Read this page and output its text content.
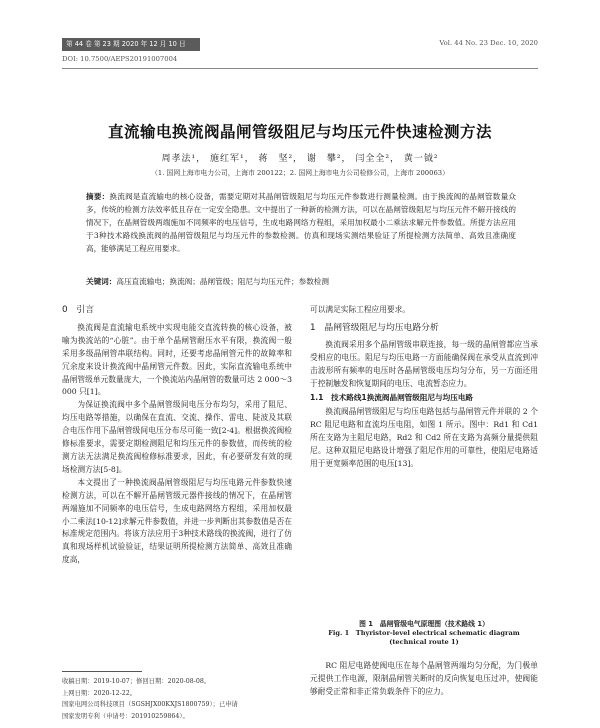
第 44 卷 第 23 期 2020 年 12 月 10 日	Vol. 44 No. 23 Dec. 10, 2020
DOI: 10.7500/AEPS20191007004
直流输电换流阀晶闸管级阻尼与均压元件快速检测方法
周孝法¹， 施红军¹， 蒋　坚²， 谢　攀²， 闫全全²， 黄一钺²
（1. 国网上海市电力公司，上海市 200122；2. 国网上海市电力公司检修公司，上海市 200063）
摘要：换流阀是直流输电的核心设备，需要定期对其晶闸管级阻尼与均压元件参数进行测量检测。由于换流阀的晶闸管数量众多，传统的检测方法效率低且存在一定安全隐患。文中提出了一种新的检测方法，可以在晶闸管级阻尼与均压元件不解开接线的情况下，在晶闸管级两端施加不同频率的电压信号，生成电路网络方程组，采用加权最小二乘法求解元件参数值。所提方法应用于3种技术路线换流阀的晶闸管级阻尼与均压元件的参数检测。仿真和现场实测结果验证了所提检测方法简单、高效且准确度高，能够满足工程应用要求。
关键词：高压直流输电；换流阀；晶闸管级；阻尼与均压元件；参数检测
0　引言
换流阀是直流输电系统中实现电能交直流转换的核心设备，被喻为换流站的“心脏”。由于单个晶闸管耐压水平有限，换流阀一般采用多级晶闸管串联结构。同时，还要考虑晶闸管元件的故障率和冗余度来设计换流阀中晶闸管元件数。因此，实际直流输电系统中晶闸管级单元数量庞大，一个换流站内晶闸管的数量可达 2 000～3 000 只[1]。
为保证换流阀中多个晶闸管级间电压分布均匀，采用了阻尼、均压电路等措施，以确保在直流、交流、操作、雷电、陡波及其联合电压作用下晶闸管级间电压分布尽可能一致[2-4]。根据换流阀检修标准要求，需要定期检测阻尼和均压元件的参数值，而传统的检测方法无法满足换流阀检修标准要求，因此，有必要研发有效的现场检测方法[5-8]。
本文提出了一种换流阀晶闸管级阻尼与均压电路元件参数快速检测方法，可以在不解开晶闸管级元器件接线的情况下，在晶闸管两端施加不同频率的电压信号，生成电路网络方程组，采用加权最小二乘法[10-12]求解元件参数值，并进一步判断出其参数值是否在标准规定范围内。将该方法应用于3种技术路线的换流阀，进行了仿真和现场样机试验验证，结果证明所提检测方法简单、高效且准确度高，
可以满足实际工程应用要求。
1　晶闸管级阻尼与均压电路分析
换流阀采用多个晶闸管级串联连接，每一级的晶闸管都应当承受相应的电压。阻尼与均压电路一方面能确保阀在承受从直流到冲击波形所有频率的电压时各晶闸管级电压均匀分布，另一方面还用于控制触发和恢复期间的电压、电流暂态应力。
1.1　技术路线1换流阀晶闸管级阻尼与均压电路
换流阀晶闸管级阻尼与均压电路包括与晶闸管元件并联的 2 个 RC 阻尼电路和直流均压电阻，如图 1 所示。图中：Rd1 和 Cd1 所在支路为主阻尼电路，Rd2 和 Cd2 所在支路为高频分量提供阻尼。这种双阻尼电路设计增强了阻尼作用的可靠性，使阻尼电路适用于更宽频率范围的电压[13]。
图 1　晶闸管级电气原理图（技术路线 1）
Fig. 1　Thyristor-level electrical schematic diagram (technical route 1)
RC 阻尼电路使阀电压在每个晶闸管两端均匀分配，为门极单元提供工作电源，限制晶闸管关断时的反向恢复电压过冲，使阀能够耐受正常和非正常负载条件下的应力。
收稿日期：2019-10-07；修回日期：2020-08-08。
上网日期：2020-12-22。
国家电网公司科技项目（SGSHJX00KXJS1800759）；已申请
国家发明专利（申请号：201910259864）。
